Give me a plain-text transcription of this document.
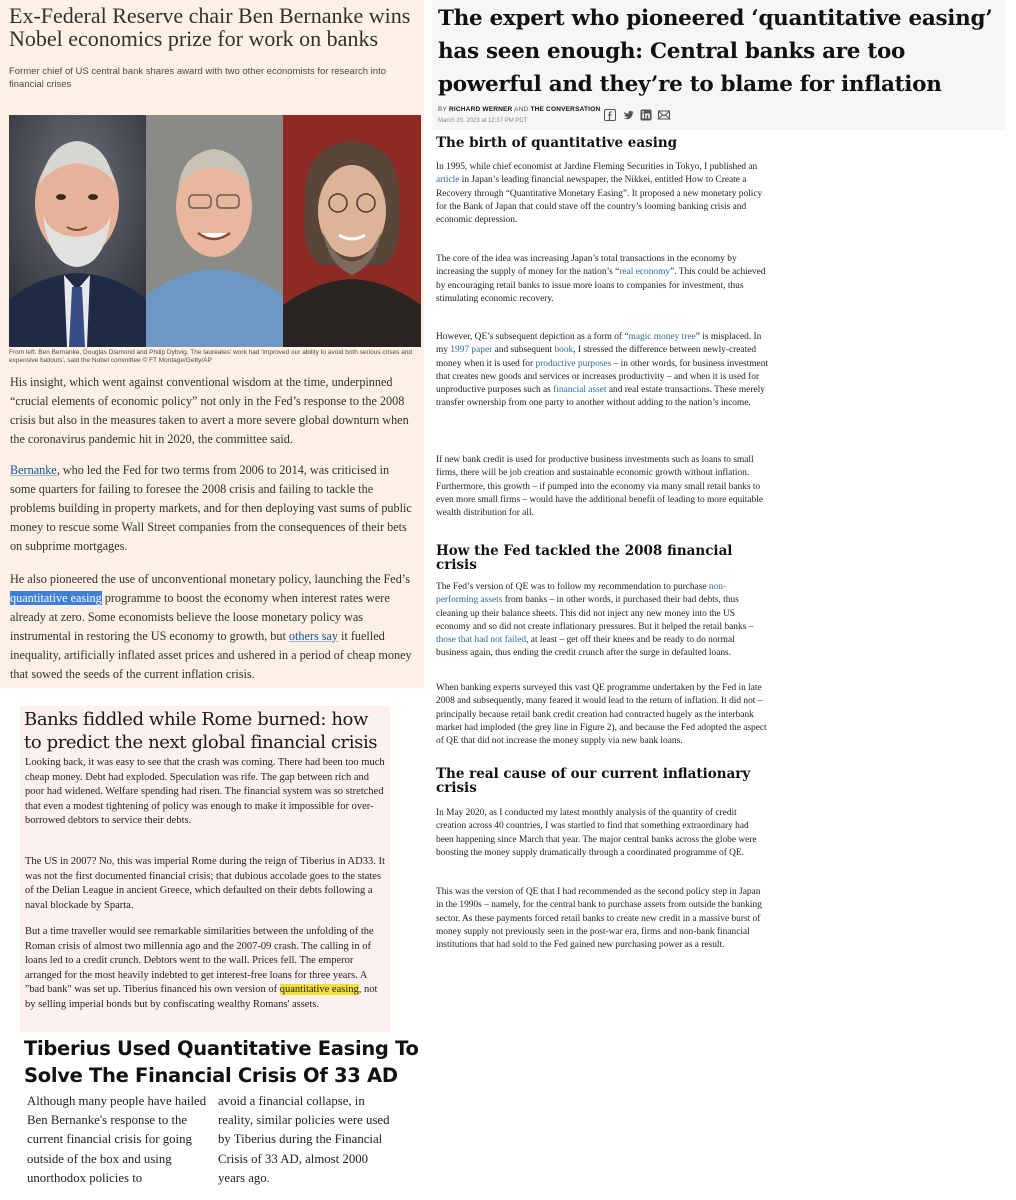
Ex-Federal Reserve chair Ben Bernanke wins Nobel economics prize for work on banks
Former chief of US central bank shares award with two other economists for research into financial crises
From left: Ben Bernanke, Douglas Diamond and Philip Dybvig. The laureates' work had 'improved our ability to avoid both serious crises and expensive bailouts', said the Nobel committee © FT Montage/Getty/AP

His insight, which went against conventional wisdom at the time, underpinned “crucial elements of economic policy” not only in the Fed’s response to the 2008 crisis but also in the measures taken to avert a more severe global downturn when the coronavirus pandemic hit in 2020, the committee said.

Bernanke, who led the Fed for two terms from 2006 to 2014, was criticised in some quarters for failing to foresee the 2008 crisis and failing to tackle the problems building in property markets, and for then deploying vast sums of public money to rescue some Wall Street companies from the consequences of their bets on subprime mortgages.

He also pioneered the use of unconventional monetary policy, launching the Fed’s quantitative easing programme to boost the economy when interest rates were already at zero. Some economists believe the loose monetary policy was instrumental in restoring the US economy to growth, but others say it fuelled inequality, artificially inflated asset prices and ushered in a period of cheap money that sowed the seeds of the current inflation crisis.

Banks fiddled while Rome burned: how to predict the next global financial crisis

Looking back, it was easy to see that the crash was coming. There had been too much cheap money. Debt had exploded. Speculation was rife. The gap between rich and poor had widened. Welfare spending had risen. The financial system was so stretched that even a modest tightening of policy was enough to make it impossible for over-borrowed debtors to service their debts.

The US in 2007? No, this was imperial Rome during the reign of Tiberius in AD33. It was not the first documented financial crisis; that dubious accolade goes to the states of the Delian League in ancient Greece, which defaulted on their debts following a naval blockade by Sparta.

But a time traveller would see remarkable similarities between the unfolding of the Roman crisis of almost two millennia ago and the 2007-09 crash. The calling in of loans led to a credit crunch. Debtors went to the wall. Prices fell. The emperor arranged for the most heavily indebted to get interest-free loans for three years. A "bad bank" was set up. Tiberius financed his own version of quantitative easing, not by selling imperial bonds but by confiscating wealthy Romans' assets.

Tiberius Used Quantitative Easing To Solve The Financial Crisis Of 33 AD

Although many people have hailed Ben Bernanke's response to the current financial crisis for going outside of the box and using unorthodox policies to

avoid a financial collapse, in reality, similar policies were used by Tiberius during the Financial Crisis of 33 AD, almost 2000 years ago.

The expert who pioneered ‘quantitative easing’ has seen enough: Central banks are too powerful and they’re to blame for inflation
BY RICHARD WERNER AND THE CONVERSATION
March 20, 2023 at 12:37 PM PDT
The birth of quantitative easing

In 1995, while chief economist at Jardine Fleming Securities in Tokyo, I published an article in Japan’s leading financial newspaper, the Nikkei, entitled How to Create a Recovery through “Quantitative Monetary Easing”. It proposed a new monetary policy for the Bank of Japan that could stave off the country’s looming banking crisis and economic depression.

The core of the idea was increasing Japan’s total transactions in the economy by increasing the supply of money for the nation’s “real economy”. This could be achieved by encouraging retail banks to issue more loans to companies for investment, thus stimulating economic recovery.

However, QE’s subsequent depiction as a form of “magic money tree” is misplaced. In my 1997 paper and subsequent book, I stressed the difference between newly-created money when it is used for productive purposes – in other words, for business investment that creates new goods and services or increases productivity – and when it is used for unproductive purposes such as financial asset and real estate transactions. These merely transfer ownership from one party to another without adding to the nation’s income.

If new bank credit is used for productive business investments such as loans to small firms, there will be job creation and sustainable economic growth without inflation. Furthermore, this growth – if pumped into the economy via many small retail banks to even more small firms – would have the additional benefit of leading to more equitable wealth distribution for all.

How the Fed tackled the 2008 financial crisis

The Fed’s version of QE was to follow my recommendation to purchase non-performing assets from banks – in other words, it purchased their bad debts, thus cleaning up their balance sheets. This did not inject any new money into the US economy and so did not create inflationary pressures. But it helped the retail banks – those that had not failed, at least – get off their knees and be ready to do normal business again, thus ending the credit crunch after the surge in defaulted loans.

When banking experts surveyed this vast QE programme undertaken by the Fed in late 2008 and subsequently, many feared it would lead to the return of inflation. It did not – principally because retail bank credit creation had contracted hugely as the interbank market had imploded (the grey line in Figure 2), and because the Fed adopted the aspect of QE that did not increase the money supply via new bank loans.

The real cause of our current inflationary crisis

In May 2020, as I conducted my latest monthly analysis of the quantity of credit creation across 40 countries, I was startled to find that something extraordinary had been happening since March that year. The major central banks across the globe were boosting the money supply dramatically through a coordinated programme of QE.

This was the version of QE that I had recommended as the second policy step in Japan in the 1990s – namely, for the central bank to purchase assets from outside the banking sector. As these payments forced retail banks to create new credit in a massive burst of money supply not previously seen in the post-war era, firms and non-bank financial institutions that had sold to the Fed gained new purchasing power as a result.
